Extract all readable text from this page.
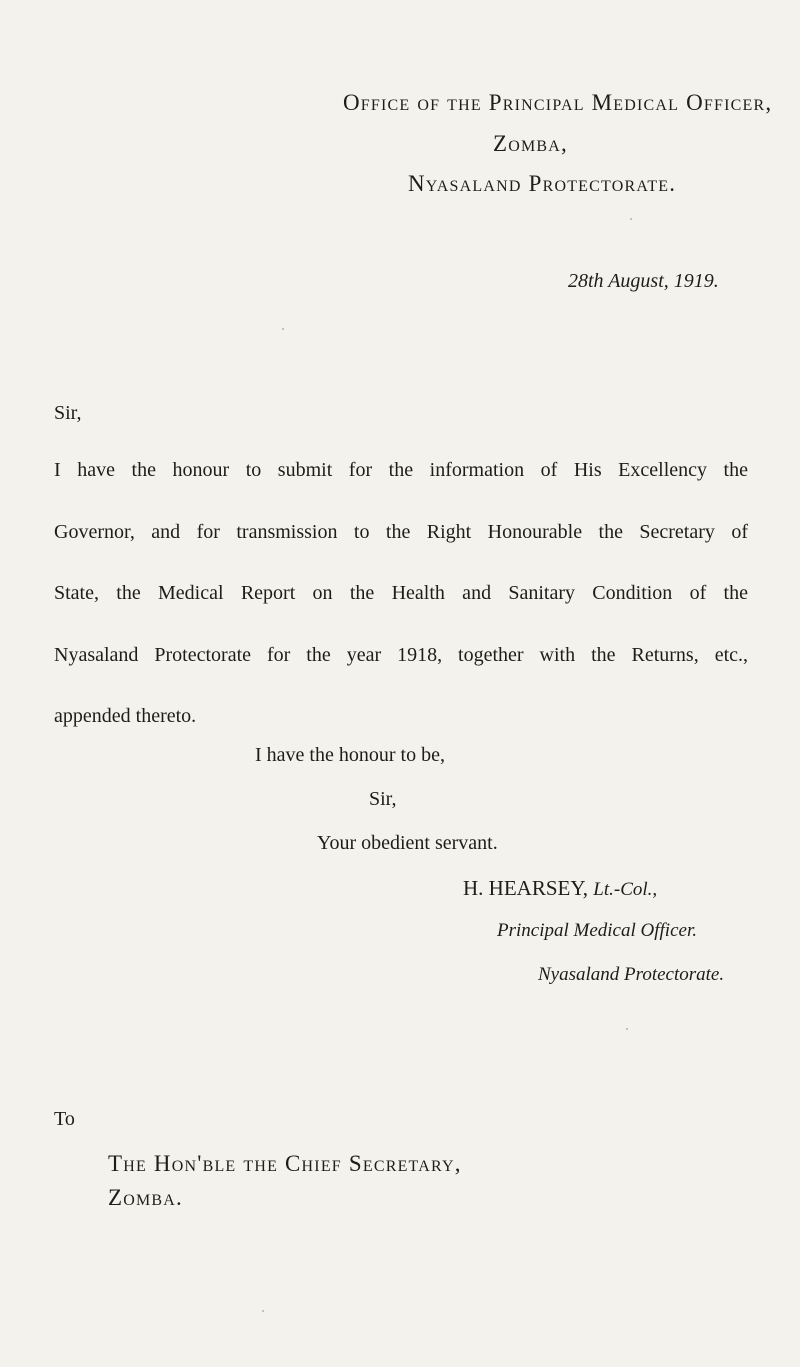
Office of the Principal Medical Officer,
Zomba,
Nyasaland Protectorate.
28th August, 1919.
Sir,
I have the honour to submit for the information of His Excellency the
Governor, and for transmission to the Right Honourable the Secretary of
State, the Medical Report on the Health and Sanitary Condition of the
Nyasaland Protectorate for the year 1918, together with the Returns, etc.,
appended thereto.
I have the honour to be,
Sir,
Your obedient servant.
H. HEARSEY, Lt.-Col.,
Principal Medical Officer.
Nyasaland Protectorate.
To
The Hon'ble the Chief Secretary,
Zomba.
